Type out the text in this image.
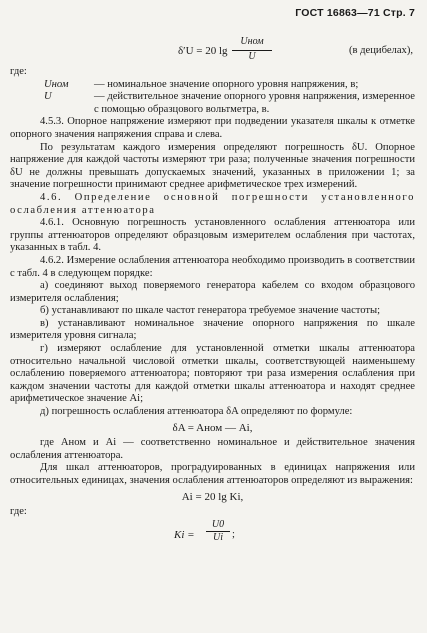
ГОСТ 16863—71 Стр. 7
δ′U = 20 lg
Uном
U
(в децибелах),

где:

Uном — номинальное значение опорного уровня напряжения, в;
U	— действительное значение опорного уровня напряжения, измеренное с помощью образцового вольтметра, в.

4.5.3. Опорное напряжение измеряют при подведении указателя шкалы к отметке опорного значения напряжения справа и слева.

По результатам каждого измерения определяют погрешность δU. Опорное напряжение для каждой частоты измеряют три раза; полученные значения погрешности δU не должны превышать допускаемых значений, указанных в приложении 1; за значение погрешности принимают среднее арифметическое трех измерений.

4.6. Определение основной погрешности установленного ослабления аттенюатора

4.6.1. Основную погрешность установленного ослабления аттенюатора или группы аттенюаторов определяют образцовым измерителем ослабления при частотах, указанных в табл. 4.

4.6.2. Измерение ослабления аттенюатора необходимо производить в соответствии с табл. 4 в следующем порядке:

а) соединяют выход поверяемого генератора кабелем со входом образцового измерителя ослабления;

б) устанавливают по шкале частот генератора требуемое значение частоты;

в) устанавливают номинальное значение опорного напряжения по шкале измерителя уровня сигнала;

г) измеряют ослабление для установленной отметки шкалы аттенюатора относительно начальной числовой отметки шкалы, соответствующей наименьшему ослаблению поверяемого аттенюатора; повторяют три раза измерения ослабления при каждом значении частоты для каждой отметки шкалы аттенюатора и находят среднее арифметическое значение Ai;

д) погрешность ослабления аттенюатора δA определяют по формуле:

δA = Aном — Ai,

где Aном и Ai — соответственно номинальное и действительное значения ослабления аттенюатора.

Для шкал аттенюаторов, проградуированных в единицах напряжения или относительных единицах, значения ослабления аттенюаторов определяют из выражения:

Ai = 20 lg Ki,

где:

$Ki = \frac{U0}{Ui}$ ;
